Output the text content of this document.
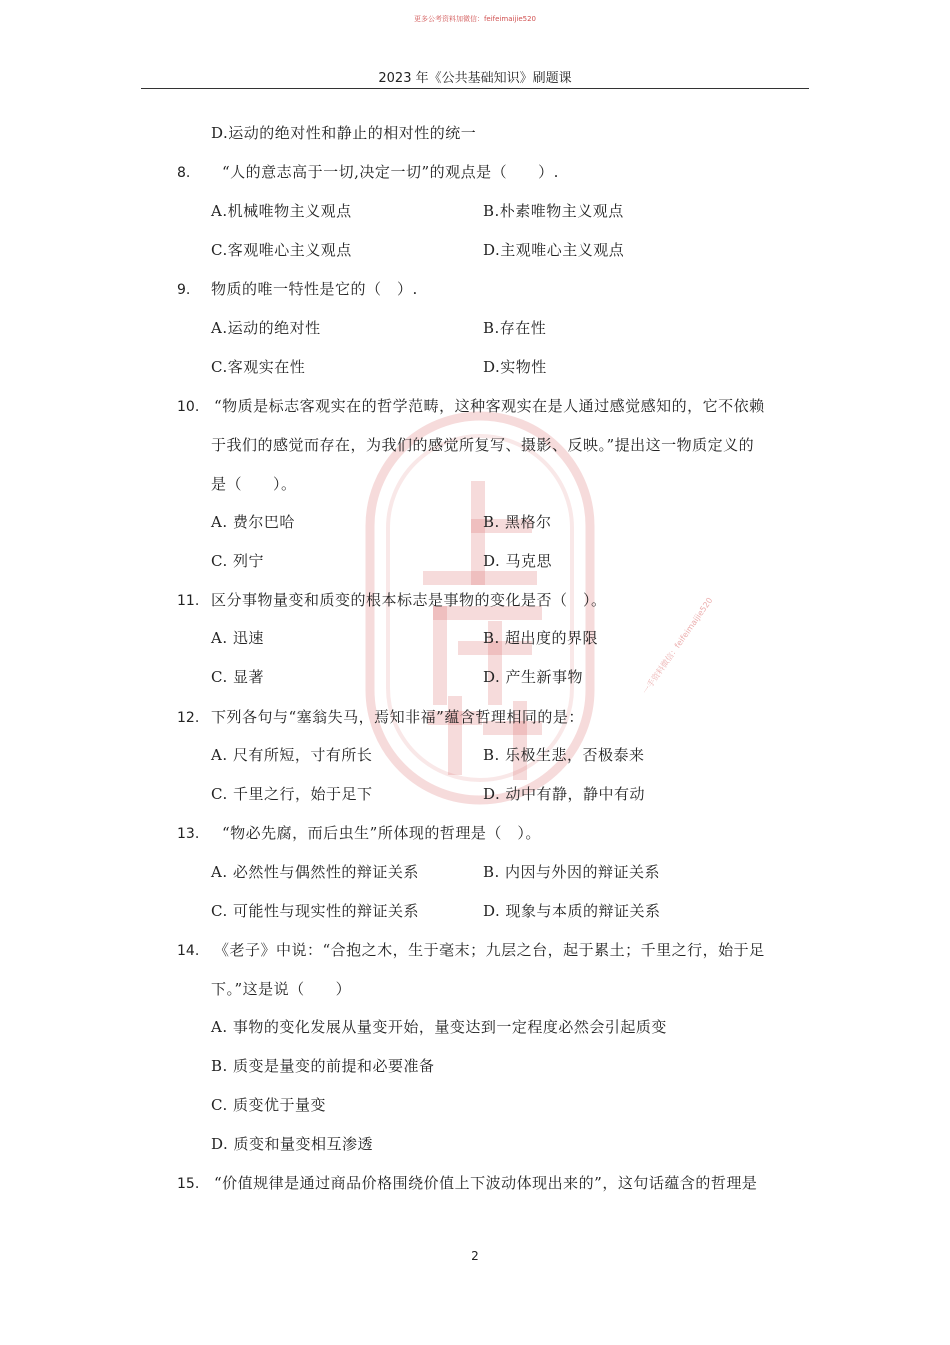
更多公考资料加微信：feifeimaijie520
2023 年《公共基础知识》刷题课
一手资料微信：feifeimaijie520
D.运动的绝对性和静止的相对性的统一
8. “人的意志高于一切,决定一切”的观点是（　　）.
A.机械唯物主义观点	B.朴素唯物主义观点
C.客观唯心主义观点	D.主观唯心主义观点
9. 物质的唯一特性是它的（　）.
A.运动的绝对性	B.存在性
C.客观实在性	D.实物性
10. “物质是标志客观实在的哲学范畴，这种客观实在是人通过感觉感知的，它不依赖
于我们的感觉而存在，为我们的感觉所复写、摄影、反映。”提出这一物质定义的
是（　　）。
A. 费尔巴哈	B. 黑格尔
C. 列宁	D. 马克思
11. 区分事物量变和质变的根本标志是事物的变化是否（　）。
A. 迅速	B. 超出度的界限
C. 显著	D. 产生新事物
12. 下列各句与“塞翁失马，焉知非福”蕴含哲理相同的是：
A. 尺有所短，寸有所长	B. 乐极生悲，否极泰来
C. 千里之行，始于足下	D. 动中有静，静中有动
13. “物必先腐，而后虫生”所体现的哲理是（　）。
A. 必然性与偶然性的辩证关系	B. 内因与外因的辩证关系
C. 可能性与现实性的辩证关系	D. 现象与本质的辩证关系
14. 《老子》中说：“合抱之木，生于毫末；九层之台，起于累土；千里之行，始于足
下。”这是说（　　）
A. 事物的变化发展从量变开始，量变达到一定程度必然会引起质变
B. 质变是量变的前提和必要准备
C. 质变优于量变
D. 质变和量变相互渗透
15. “价值规律是通过商品价格围绕价值上下波动体现出来的”，这句话蕴含的哲理是
2
